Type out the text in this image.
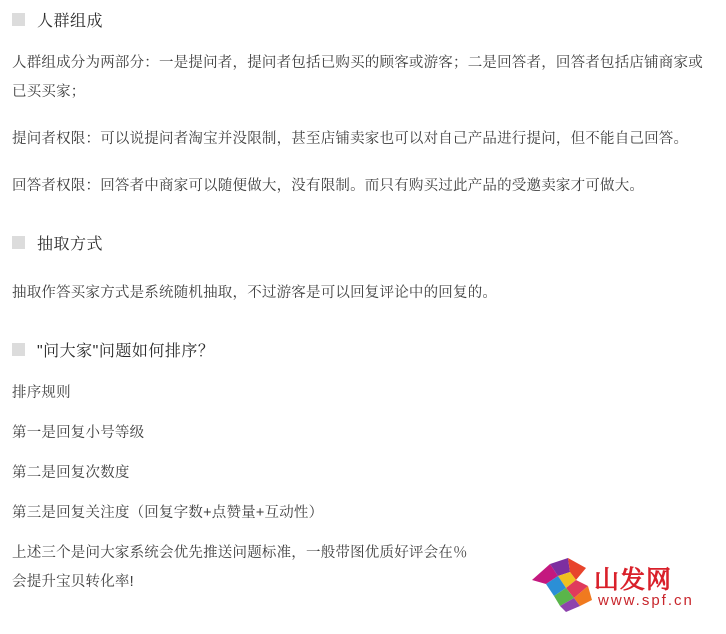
人群组成

人群组成分为两部分：一是提问者，提问者包括已购买的顾客或游客；二是回答者，回答者包括店铺商家或已买买家；

提问者权限：可以说提问者淘宝并没限制，甚至店铺卖家也可以对自己产品进行提问，但不能自己回答。

回答者权限：回答者中商家可以随便做大，没有限制。而只有购买过此产品的受邀卖家才可做大。

抽取方式

抽取作答买家方式是系统随机抽取，不过游客是可以回复评论中的回复的。

"问大家"问题如何排序？

排序规则

第一是回复小号等级

第二是回复次数度

第三是回复关注度（回复字数+点赞量+互动性）

上述三个是问大家系统会优先推送问题标准，一般带图优质好评会在％

会提升宝贝转化率!	山发网
www.spf.cn
